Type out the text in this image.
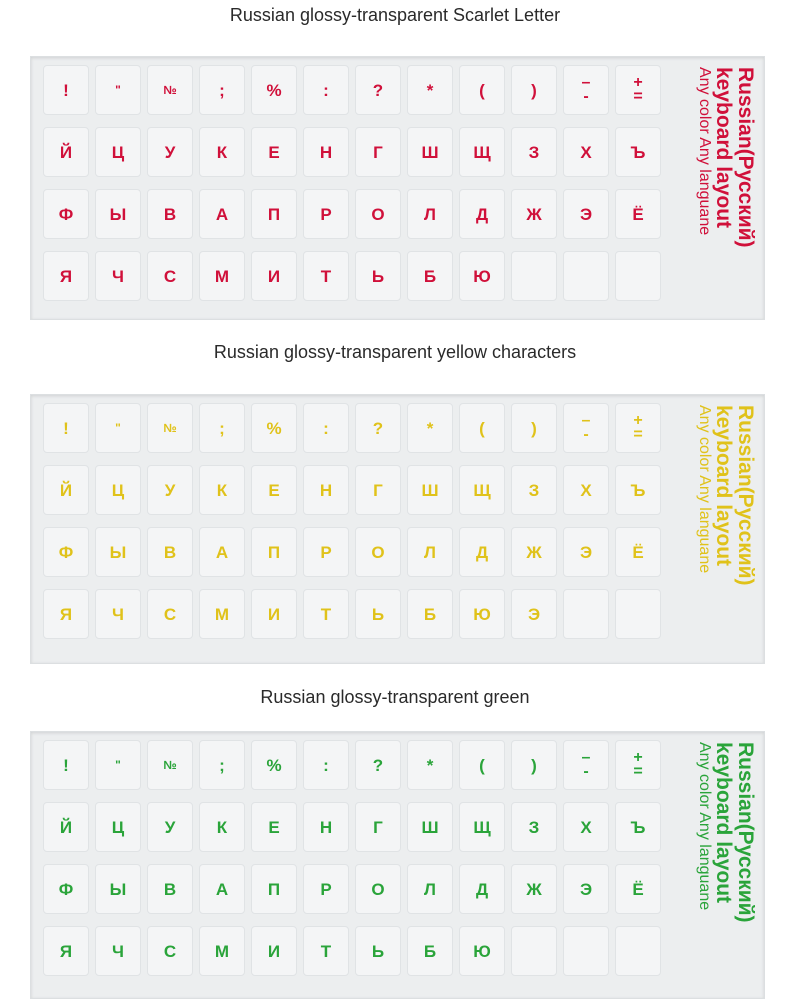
Russian glossy-transparent Scarlet Letter
!	"	№ ; % :	?	*	(	)	–
-
+
=
Й Ц У К Е Н Г Ш Щ З Х Ъ
Ф Ы В А П Р О Л Д Ж Э Ё
Я Ч С М И Т Ь Б Ю
Russian(Русский)
keyboard layout
Any color Any languane
Russian glossy-transparent yellow characters
!	"	№ ; % :	?	*	(	)	–
-
+
=
Й Ц У К Е Н Г Ш Щ З Х Ъ
Ф Ы В А П Р О Л Д Ж Э Ё
Я Ч С М И Т Ь Б Ю Э
Russian(Русский)
keyboard layout
Any color Any languane
Russian glossy-transparent green
!	"	№ ; % :	?	*	(	)	–
-
+
=
Й Ц У К Е Н Г Ш Щ З Х Ъ
Ф Ы В А П Р О Л Д Ж Э Ё
Я Ч С М И Т Ь Б Ю
Russian(Русский)
keyboard layout
Any color Any languane
